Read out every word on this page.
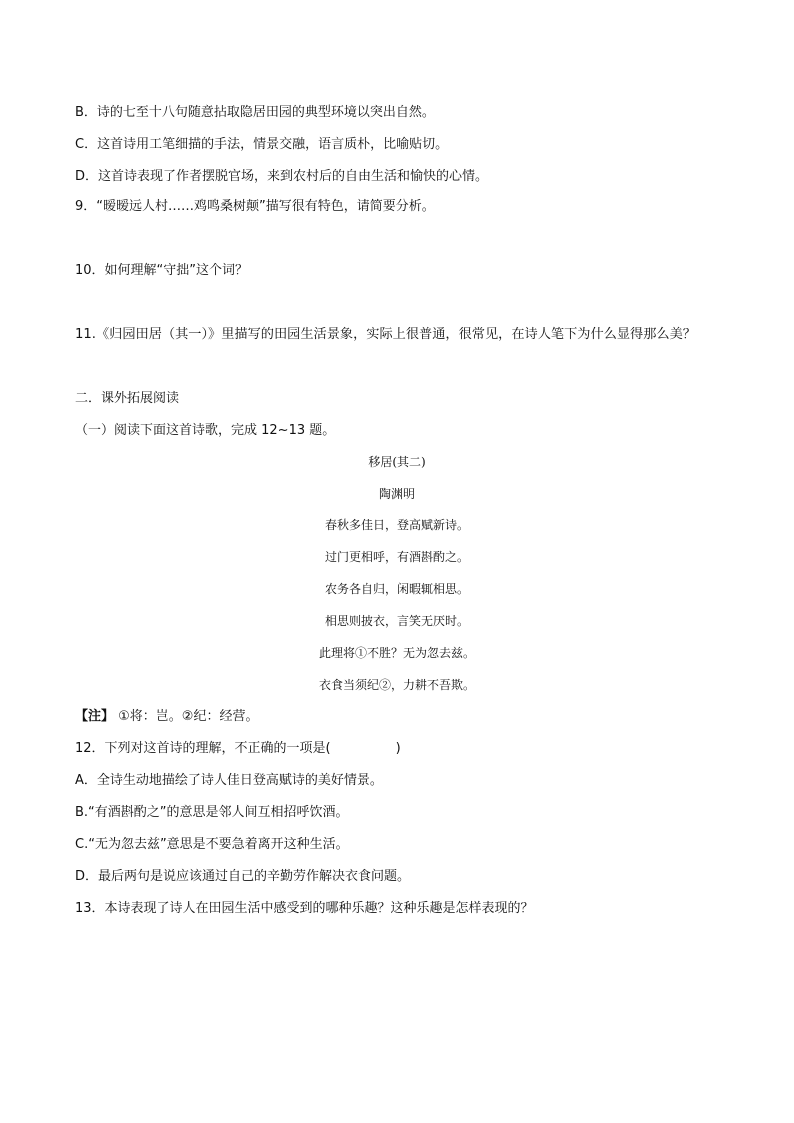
B．诗的七至十八句随意拈取隐居田园的典型环境以突出自然。
C．这首诗用工笔细描的手法，情景交融，语言质朴，比喻贴切。
D．这首诗表现了作者摆脱官场，来到农村后的自由生活和愉快的心情。
9．“暧暧远人村……鸡鸣桑树颠”描写很有特色，请简要分析。
10．如何理解“守拙”这个词？
11.《归园田居（其一）》里描写的田园生活景象，实际上很普通，很常见，在诗人笔下为什么显得那么美？
二．课外拓展阅读
（一）阅读下面这首诗歌，完成 12~13 题。
移居(其二)
陶渊明
春秋多佳日，登高赋新诗。
过门更相呼，有酒斟酌之。
农务各自归，闲暇辄相思。
相思则披衣，言笑无厌时。
此理将①不胜？无为忽去兹。
衣食当须纪②，力耕不吾欺。
【注】 ①将：岂。②纪：经营。
12．下列对这首诗的理解，不正确的一项是(　　　　　)
A．全诗生动地描绘了诗人佳日登高赋诗的美好情景。
B.“有酒斟酌之”的意思是邻人间互相招呼饮酒。
C.“无为忽去兹”意思是不要急着离开这种生活。
D．最后两句是说应该通过自己的辛勤劳作解决衣食问题。
13．本诗表现了诗人在田园生活中感受到的哪种乐趣？这种乐趣是怎样表现的？
